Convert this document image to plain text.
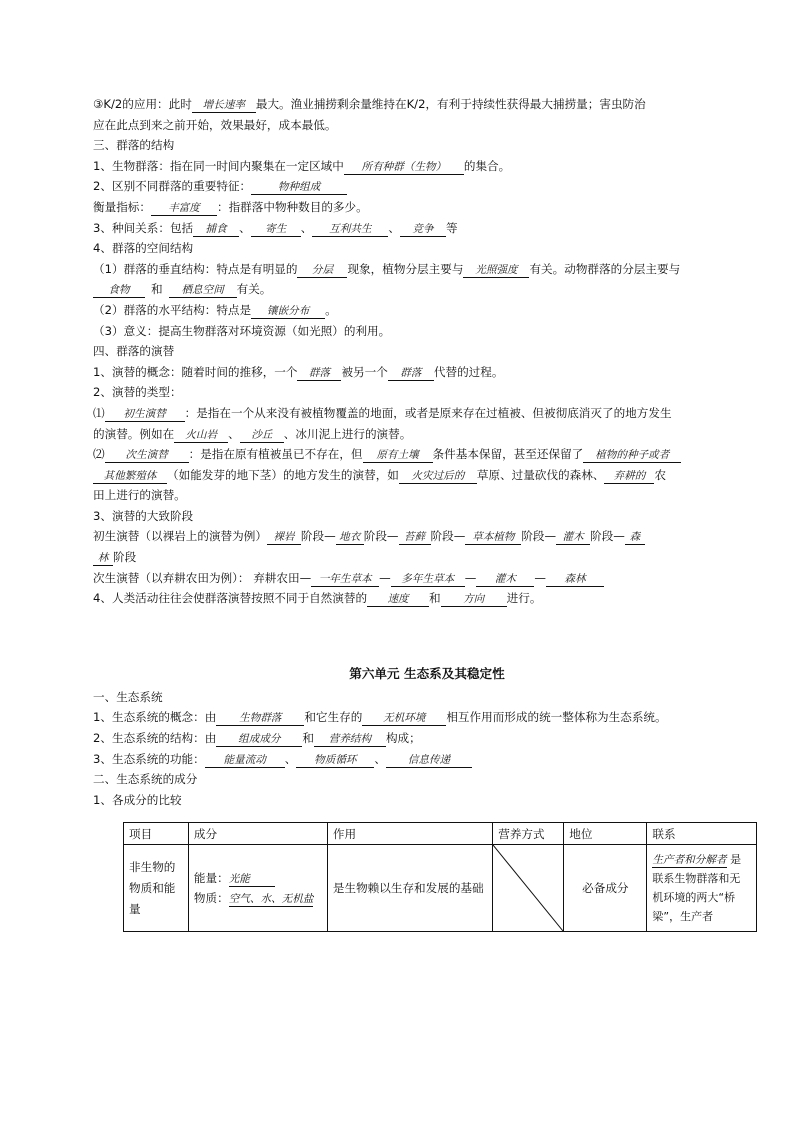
③K/2的应用：此时 增长速率 最大。渔业捕捞剩余量维持在K/2，有利于持续性获得最大捕捞量；害虫防治
应在此点到来之前开始，效果最好，成本最低。
三、群落的结构
1、生物群落：指在同一时间内聚集在一定区域中 所有种群（生物） 的集合。
2、区别不同群落的重要特征：	物种组成
衡量指标： 丰富度 ：指群落中物种数目的多少。
3、种间关系：包括 捕食 、 寄生 、 互利共生 、 竞争 等
4、群落的空间结构
（1）群落的垂直结构：特点是有明显的 分层 现象，植物分层主要与 光照强度 有关。动物群落的分层主要与
食物 和 栖息空间 有关。
（2）群落的水平结构：特点是 镶嵌分布 。
（3）意义：提高生物群落对环境资源（如光照）的利用。
四、群落的演替
1、演替的概念：随着时间的推移，一个 群落 被另一个 群落 代替的过程。
2、演替的类型：
⑴ 初生演替 ：是指在一个从来没有被植物覆盖的地面，或者是原来存在过植被、但被彻底消灭了的地方发生
的演替。例如在 火山岩 、 沙丘 、冰川泥上进行的演替。
⑵ 次生演替 ：是指在原有植被虽已不存在，但 原有土壤 条件基本保留，甚至还保留了 植物的种子或者
其他繁殖体 （如能发芽的地下茎）的地方发生的演替，如 火灾过后的 草原、过量砍伐的森林、 弃耕的 农
田上进行的演替。
3、演替的大致阶段
初生演替（以裸岩上的演替为例） 裸岩 阶段— 地衣 阶段— 苔藓 阶段— 草本植物 阶段— 灌木 阶段— 森
林 阶段
次生演替（以弃耕农田为例）： 弃耕农田— 一年生草本 — 多年生草本 — 灌木 — 森林
4、人类活动往往会使群落演替按照不同于自然演替的 速度 和 方向 进行。
第六单元 生态系及其稳定性
一、生态系统
1、生态系统的概念：由 生物群落 和它生存的 无机环境 相互作用而形成的统一整体称为生态系统。
2、生态系统的结构：由 组成成分 和 营养结构 构成；
3、生态系统的功能： 能量流动 、 物质循环 、 信息传递
二、生态系统的成分
1、各成分的比较
项目	成分	作用	营养方式	地位	联系
非生物的物质和能量	能量：光能
物质：空气、水、无机盐	是生物赖以生存和发展的基础		必备成分	生产者和分解者 是联系生物群落和无机环境的两大“桥梁”，生产者
